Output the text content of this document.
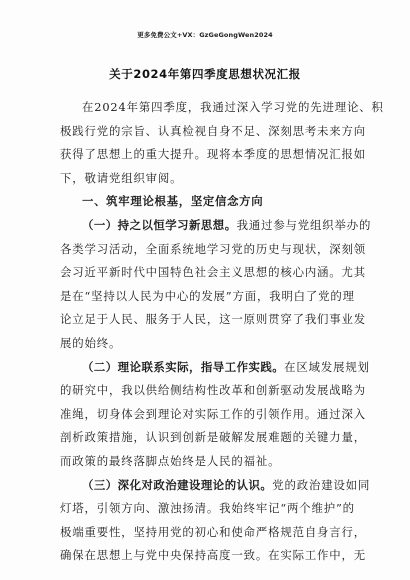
更多免费公文+VX：GzGeGongWen2024
关于2024年第四季度思想状况汇报
在2024年第四季度，我通过深入学习党的先进理论、积
极践行党的宗旨、认真检视自身不足、深刻思考未来方向
获得了思想上的重大提升。现将本季度的思想情况汇报如
下，敬请党组织审阅。
一、筑牢理论根基，坚定信念方向
（一）持之以恒学习新思想。我通过参与党组织举办的
各类学习活动，全面系统地学习党的历史与现状，深刻领
会习近平新时代中国特色社会主义思想的核心内涵。尤其
是在“坚持以人民为中心的发展”方面，我明白了党的理
论立足于人民、服务于人民，这一原则贯穿了我们事业发
展的始终。
（二）理论联系实际，指导工作实践。在区域发展规划
的研究中，我以供给侧结构性改革和创新驱动发展战略为
准绳，切身体会到理论对实际工作的引领作用。通过深入
剖析政策措施，认识到创新是破解发展难题的关键力量，
而政策的最终落脚点始终是人民的福祉。
（三）深化对政治建设理论的认识。党的政治建设如同
灯塔，引领方向、激浊扬清。我始终牢记“两个维护”的
极端重要性，坚持用党的初心和使命严格规范自身言行，
确保在思想上与党中央保持高度一致。在实际工作中，无
